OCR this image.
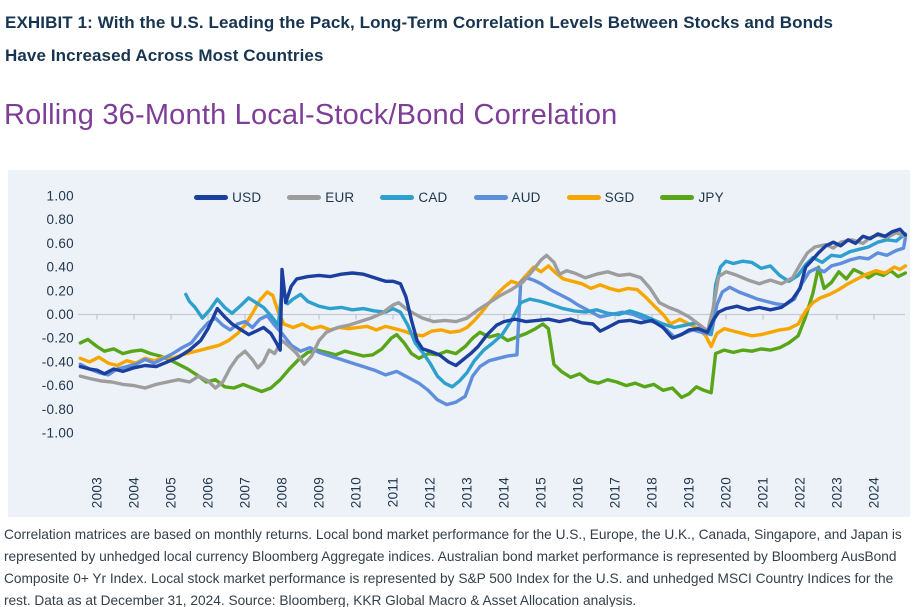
EXHIBIT 1: With the U.S. Leading the Pack, Long-Term Correlation Levels Between Stocks and Bonds
Have Increased Across Most Countries
Rolling 36-Month Local-Stock/Bond Correlation
1.00
0.80
0.60
0.40
0.20
0.00
-0.20
-0.40
-0.60
-0.80
-1.00
2003 2004 2005 2006 2007 2008 2009 2010 2011 2012 2013 2014 2015 2016 2017 2018 2019 2020 2021 2022 2023 2024
USD	EUR	CAD	AUD	SGD	JPY
Correlation matrices are based on monthly returns. Local bond market performance for the U.S., Europe, the U.K., Canada, Singapore, and Japan is represented by unhedged local currency Bloomberg Aggregate indices. Australian bond market performance is represented by Bloomberg AusBond Composite 0+ Yr Index. Local stock market performance is represented by S&P 500 Index for the U.S. and unhedged MSCI Country Indices for the rest. Data as at December 31, 2024. Source: Bloomberg, KKR Global Macro & Asset Allocation analysis.
